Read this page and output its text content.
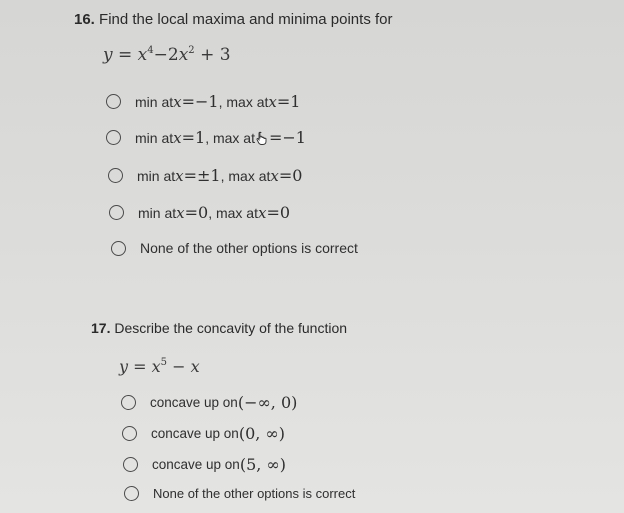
16. Find the local maxima and minima points for
$y = x^4-2x^2 + 3$
min at x = −1 , max at x = 1
min at x = 1 , max at = −1
min at x = ±1 , max at x = 0
min at x = 0 , max at x = 0
None of the other options is correct
17. Describe the concavity of the function
$y = x^5 - x$
concave up on (−∞, 0)
concave up on (0, ∞)
concave up on (5, ∞)
None of the other options is correct
